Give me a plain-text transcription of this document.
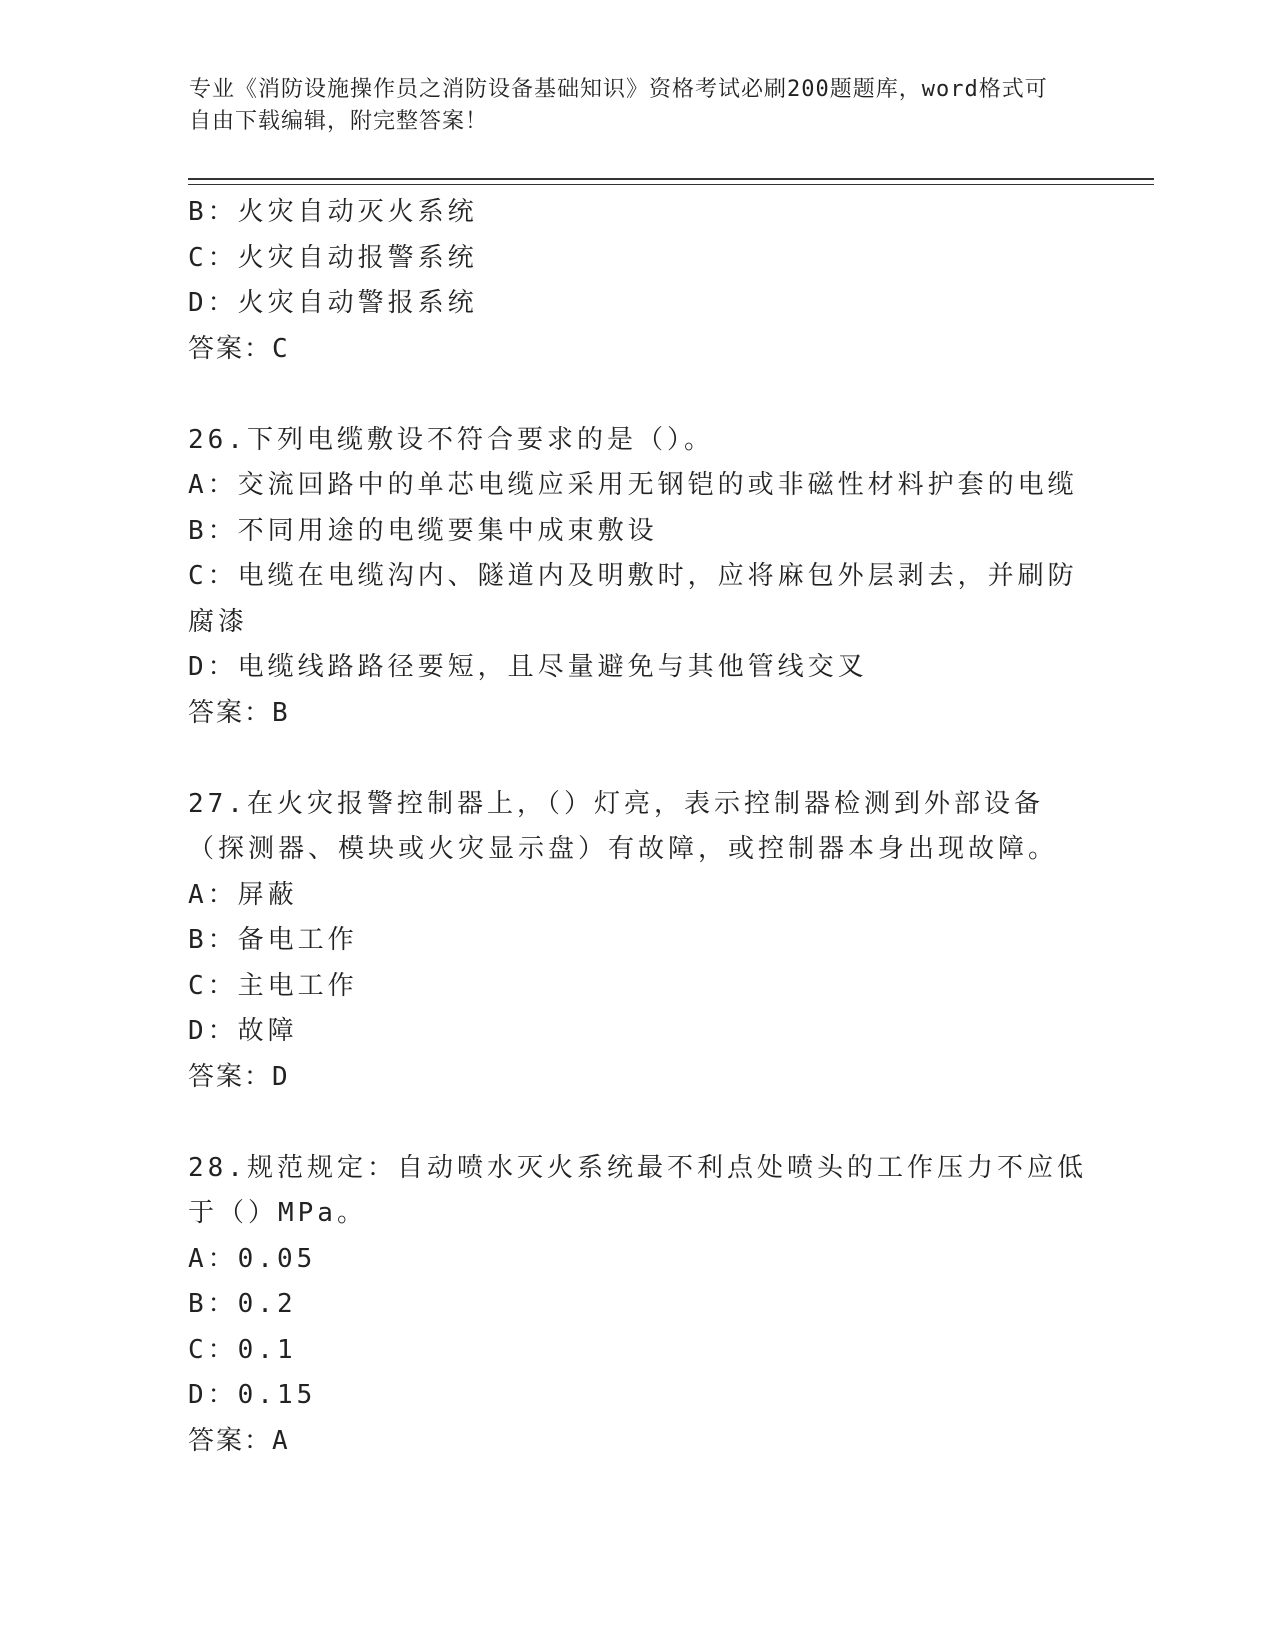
专业《消防设施操作员之消防设备基础知识》资格考试必刷200题题库，word格式可自由下载编辑，附完整答案！
B：火灾自动灭火系统
C：火灾自动报警系统
D：火灾自动警报系统
答案：C
26.下列电缆敷设不符合要求的是（）。
A：交流回路中的单芯电缆应采用无钢铠的或非磁性材料护套的电缆
B：不同用途的电缆要集中成束敷设
C：电缆在电缆沟内、隧道内及明敷时，应将麻包外层剥去，并刷防腐漆
D：电缆线路路径要短，且尽量避免与其他管线交叉
答案：B
27.在火灾报警控制器上，（）灯亮，表示控制器检测到外部设备（探测器、模块或火灾显示盘）有故障，或控制器本身出现故障。
A：屏蔽
B：备电工作
C：主电工作
D：故障
答案：D
28.规范规定：自动喷水灭火系统最不利点处喷头的工作压力不应低于（）MPa。
A：0.05
B：0.2
C：0.1
D：0.15
答案：A
